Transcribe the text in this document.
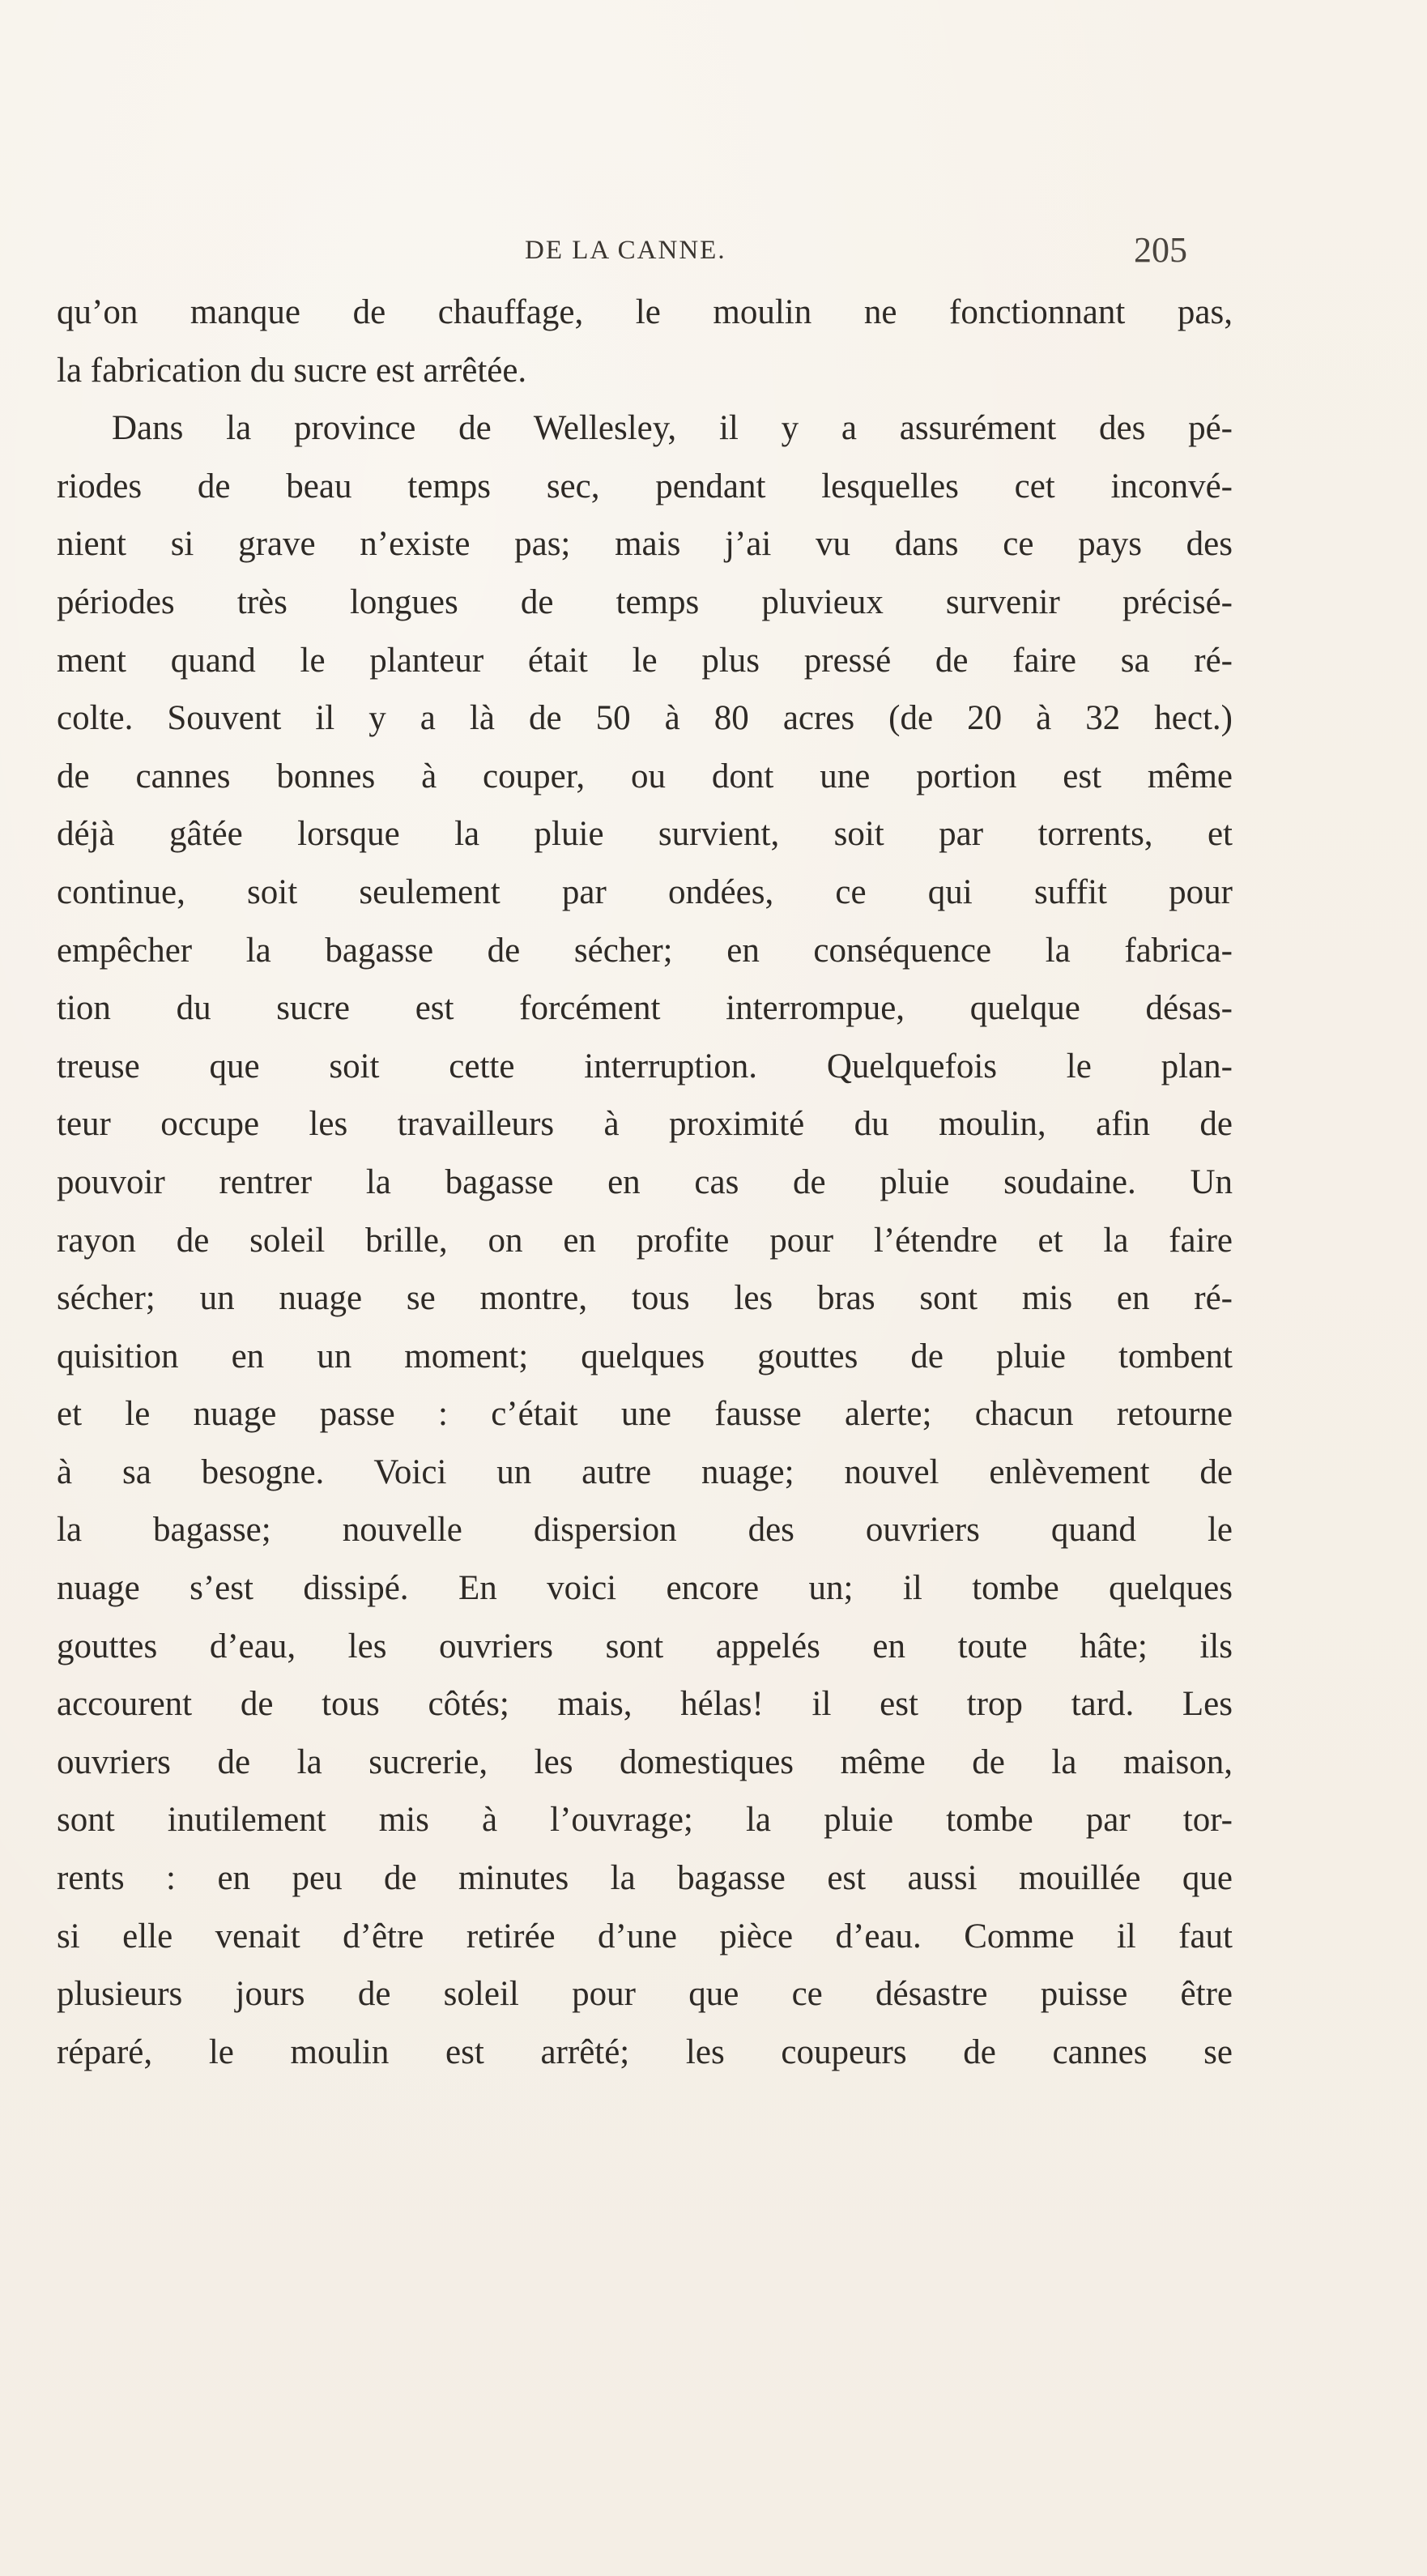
DE LA CANNE.	205
qu’on manque de chauffage, le moulin ne fonctionnant pas,
la fabrication du sucre est arrêtée.
Dans la province de Wellesley, il y a assurément des pé-
riodes de beau temps sec, pendant lesquelles cet inconvé-
nient si grave n’existe pas; mais j’ai vu dans ce pays des
périodes très longues de temps pluvieux survenir précisé-
ment quand le planteur était le plus pressé de faire sa ré-
colte. Souvent il y a là de 50 à 80 acres (de 20 à 32 hect.)
de cannes bonnes à couper, ou dont une portion est même
déjà gâtée lorsque la pluie survient, soit par torrents, et
continue, soit seulement par ondées, ce qui suffit pour
empêcher la bagasse de sécher; en conséquence la fabrica-
tion du sucre est forcément interrompue, quelque désas-
treuse que soit cette interruption. Quelquefois le plan-
teur occupe les travailleurs à proximité du moulin, afin de
pouvoir rentrer la bagasse en cas de pluie soudaine. Un
rayon de soleil brille, on en profite pour l’étendre et la faire
sécher; un nuage se montre, tous les bras sont mis en ré-
quisition en un moment; quelques gouttes de pluie tombent
et le nuage passe : c’était une fausse alerte; chacun retourne
à sa besogne. Voici un autre nuage; nouvel enlèvement de
la bagasse; nouvelle dispersion des ouvriers quand le
nuage s’est dissipé. En voici encore un; il tombe quelques
gouttes d’eau, les ouvriers sont appelés en toute hâte; ils
accourent de tous côtés; mais, hélas! il est trop tard. Les
ouvriers de la sucrerie, les domestiques même de la maison,
sont inutilement mis à l’ouvrage; la pluie tombe par tor-
rents : en peu de minutes la bagasse est aussi mouillée que
si elle venait d’être retirée d’une pièce d’eau. Comme il faut
plusieurs jours de soleil pour que ce désastre puisse être
réparé, le moulin est arrêté; les coupeurs de cannes se
